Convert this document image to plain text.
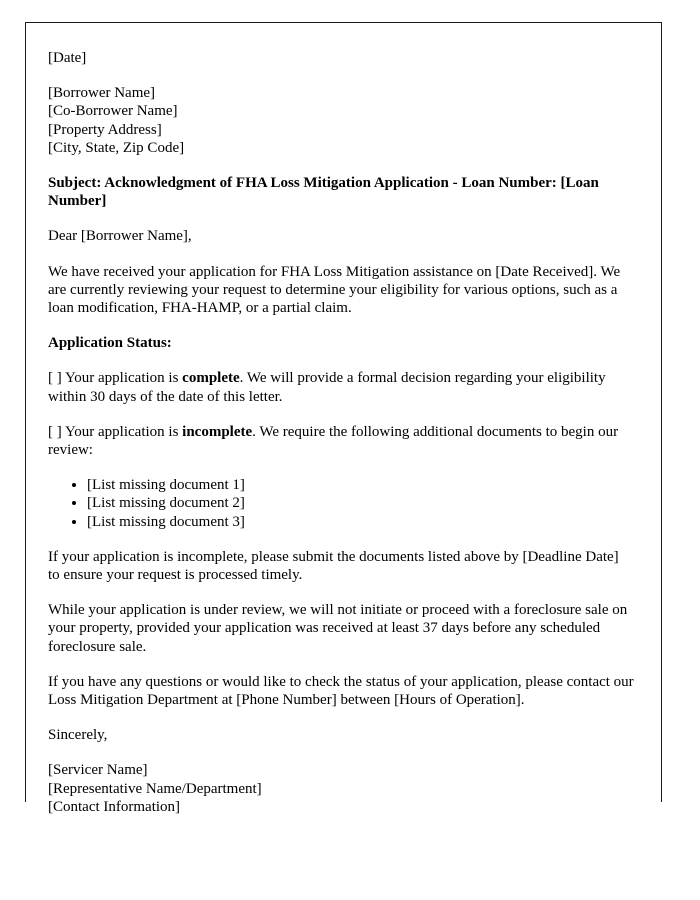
[Date]

[Borrower Name]

[Co-Borrower Name]

[Property Address]

[City, State, Zip Code]

Subject: Acknowledgment of FHA Loss Mitigation Application - Loan Number: [Loan Number]

Dear [Borrower Name],

We have received your application for FHA Loss Mitigation assistance on [Date Received]. We are currently reviewing your request to determine your eligibility for various options, such as a loan modification, FHA-HAMP, or a partial claim.

Application Status:

[ ] Your application is complete. We will provide a formal decision regarding your eligibility within 30 days of the date of this letter.

[ ] Your application is incomplete. We require the following additional documents to begin our review:

• [List missing document 1]
• [List missing document 2]
• [List missing document 3]

If your application is incomplete, please submit the documents listed above by [Deadline Date] to ensure your request is processed timely.

While your application is under review, we will not initiate or proceed with a foreclosure sale on your property, provided your application was received at least 37 days before any scheduled foreclosure sale.

If you have any questions or would like to check the status of your application, please contact our Loss Mitigation Department at [Phone Number] between [Hours of Operation].

Sincerely,

[Servicer Name]

[Representative Name/Department]

[Contact Information]
